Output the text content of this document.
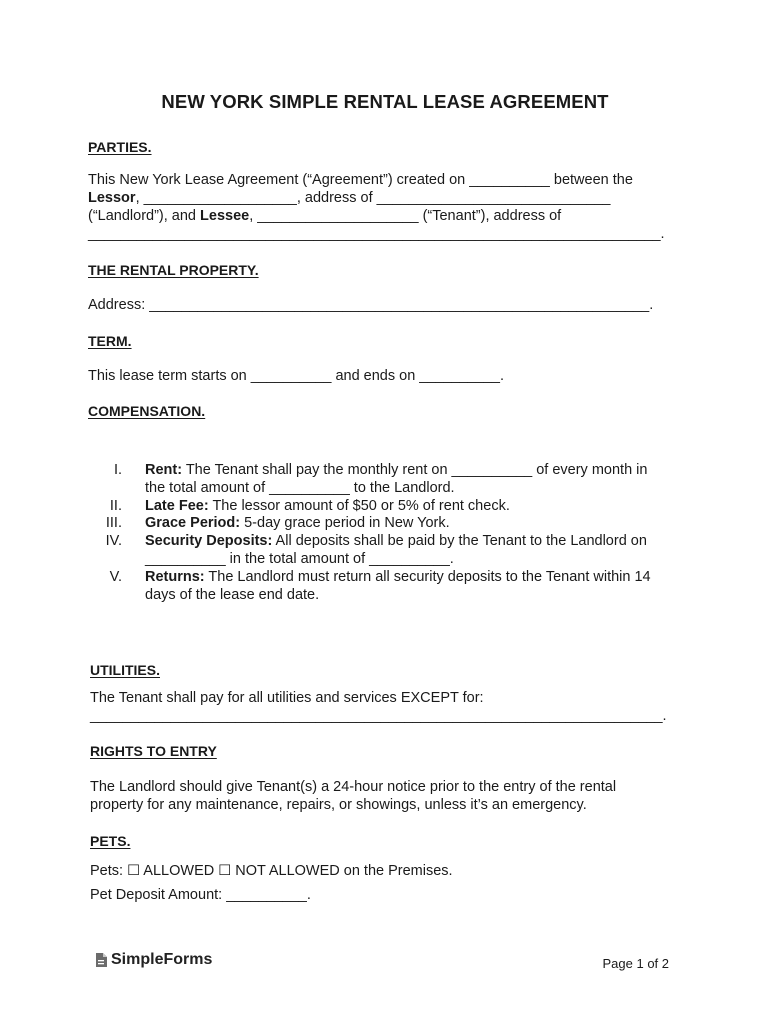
NEW YORK SIMPLE RENTAL LEASE AGREEMENT
PARTIES.
This New York Lease Agreement (“Agreement”) created on __________ between the
Lessor, ___________________, address of _____________________________
(“Landlord”), and Lessee, ____________________ (“Tenant”), address of
_______________________________________________________________________.
THE RENTAL PROPERTY.
Address: ______________________________________________________________.
TERM.
This lease term starts on __________ and ends on __________.
COMPENSATION.
I. Rent: The Tenant shall pay the monthly rent on __________ of every month in
the total amount of __________ to the Landlord.
II. Late Fee: The lessor amount of $50 or 5% of rent check.
III. Grace Period: 5-day grace period in New York.
IV. Security Deposits: All deposits shall be paid by the Tenant to the Landlord on
__________ in the total amount of __________.
V. Returns: The Landlord must return all security deposits to the Tenant within 14
days of the lease end date.
UTILITIES.
The Tenant shall pay for all utilities and services EXCEPT for:
_______________________________________________________________________.
RIGHTS TO ENTRY
The Landlord should give Tenant(s) a 24-hour notice prior to the entry of the rental
property for any maintenance, repairs, or showings, unless it’s an emergency.
PETS.
Pets: ☐ ALLOWED ☐ NOT ALLOWED on the Premises.
Pet Deposit Amount: __________.
SimpleForms	Page 1 of 2
